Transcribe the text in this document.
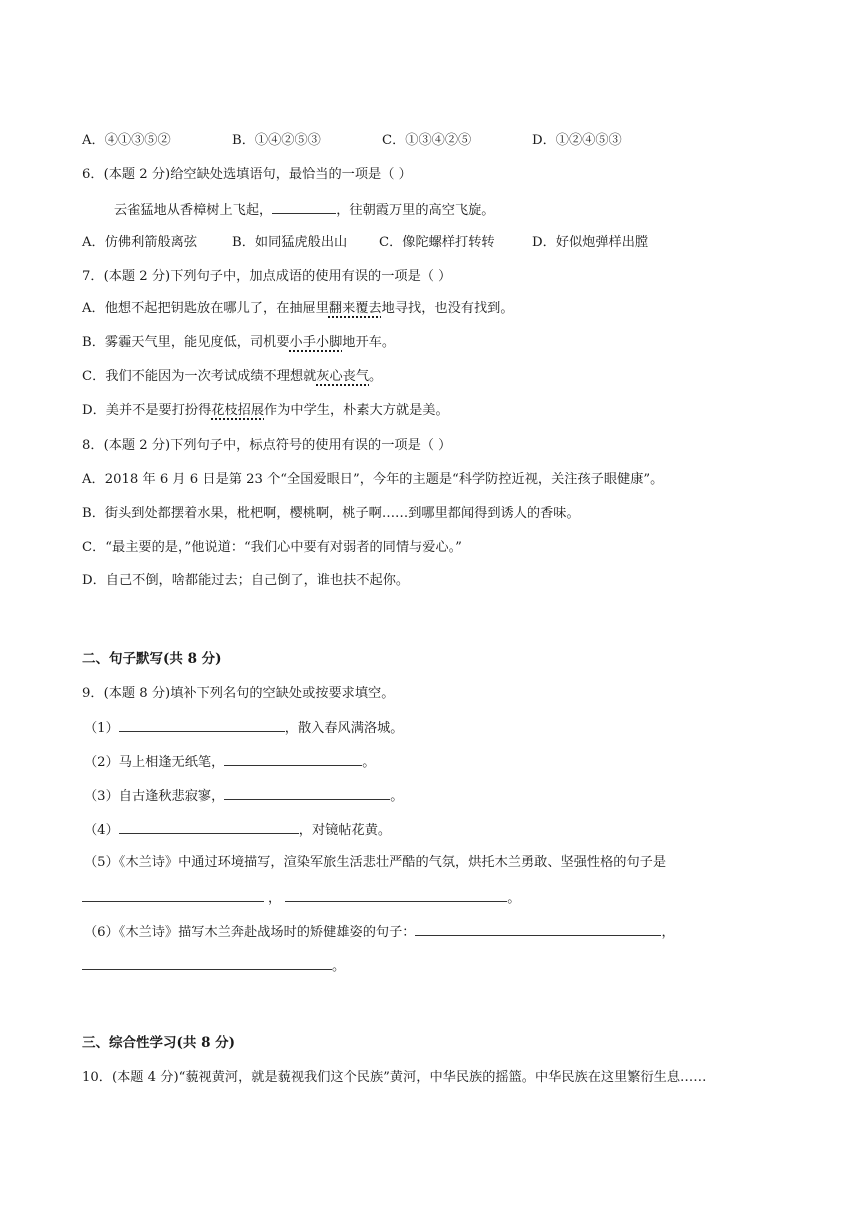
A．④①③⑤②	B．①④②⑤③	C．①③④②⑤	D．①②④⑤③
6．(本题 2 分)给空缺处选填语句，最恰当的一项是（ ）
云雀猛地从香樟树上飞起，	，往朝霞万里的高空飞旋。
A．仿佛利箭般离弦	B．如同猛虎般出山 C．像陀螺样打转转	D．好似炮弹样出膛
7．(本题 2 分)下列句子中，加点成语的使用有误的一项是（ ）
A．他想不起把钥匙放在哪儿了，在抽屉里翻来覆去地寻找，也没有找到。
B．雾霾天气里，能见度低，司机要小手小脚地开车。
C．我们不能因为一次考试成绩不理想就灰心丧气。
D．美并不是要打扮得花枝招展作为中学生，朴素大方就是美。
8．(本题 2 分)下列句子中，标点符号的使用有误的一项是（ ）
A．2018 年 6 月 6 日是第 23 个“全国爱眼日”，今年的主题是“科学防控近视，关注孩子眼健康”。
B．街头到处都摆着水果，枇杷啊，樱桃啊，桃子啊……到哪里都闻得到诱人的香味。
C．“最主要的是，”他说道：“我们心中要有对弱者的同情与爱心。”
D．自己不倒，啥都能过去；自己倒了，谁也扶不起你。
二、句子默写(共 8 分)
9．(本题 8 分)填补下列名句的空缺处或按要求填空。
（1）	，散入春风满洛城。
（2）马上相逢无纸笔，	。
（3）自古逢秋悲寂寥，	。
（4）	，对镜帖花黄。
（5）《木兰诗》中通过环境描写，渲染军旅生活悲壮严酷的气氛，烘托木兰勇敢、坚强性格的句子是
，	。
（6）《木兰诗》描写木兰奔赴战场时的矫健雄姿的句子：	，
。
三、综合性学习(共 8 分)
10．(本题 4 分)“藐视黄河，就是藐视我们这个民族”黄河，中华民族的摇篮。中华民族在这里繁衍生息……
